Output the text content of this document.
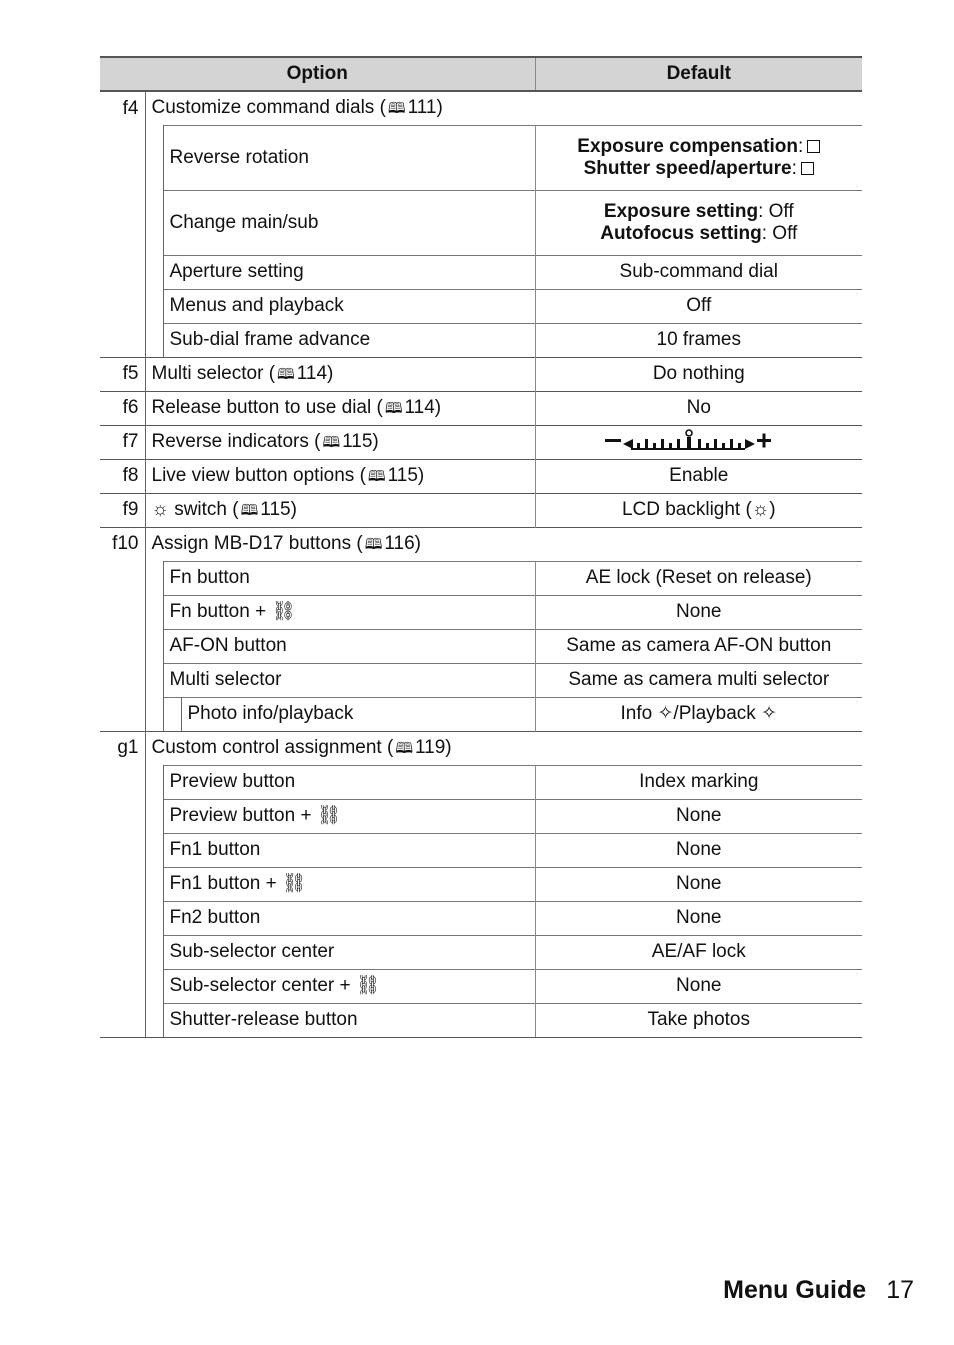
Option				Default
f4	Customize command dials ( 🕮 111)			
		Reverse rotation		Exposure compensation:
Shutter speed/aperture:

		Change main/sub		Exposure setting: Off
Autofocus setting: Off

		Aperture setting		Sub-command dial
		Menus and playback		Off
		Sub-dial frame advance		10 frames
f5	Multi selector ( 🕮 114)			Do nothing
f6	Release button to use dial ( 🕮 114)			No
f7	Reverse indicators ( 🕮 115)	
f8	Live view button options ( 🕮 115)			Enable
f9	☼ switch ( 🕮 115)			LCD backlight (☼)
f10	Assign MB-D17 buttons ( 🕮 116)			
		Fn button		AE lock (Reset on release)
		Fn button + ⛓		None
		AF-ON button		Same as camera AF-ON button
		Multi selector		Same as camera multi selector
			Photo info/playback	Info ✧/Playback ✧
g1	Custom control assignment ( 🕮 119)			
		Preview button		Index marking
		Preview button + ⛓		None
		Fn1 button		None
		Fn1 button + ⛓		None
		Fn2 button		None
		Sub-selector center		AE/AF lock
		Sub-selector center + ⛓		None
		Shutter-release button		Take photos
Menu Guide 17
